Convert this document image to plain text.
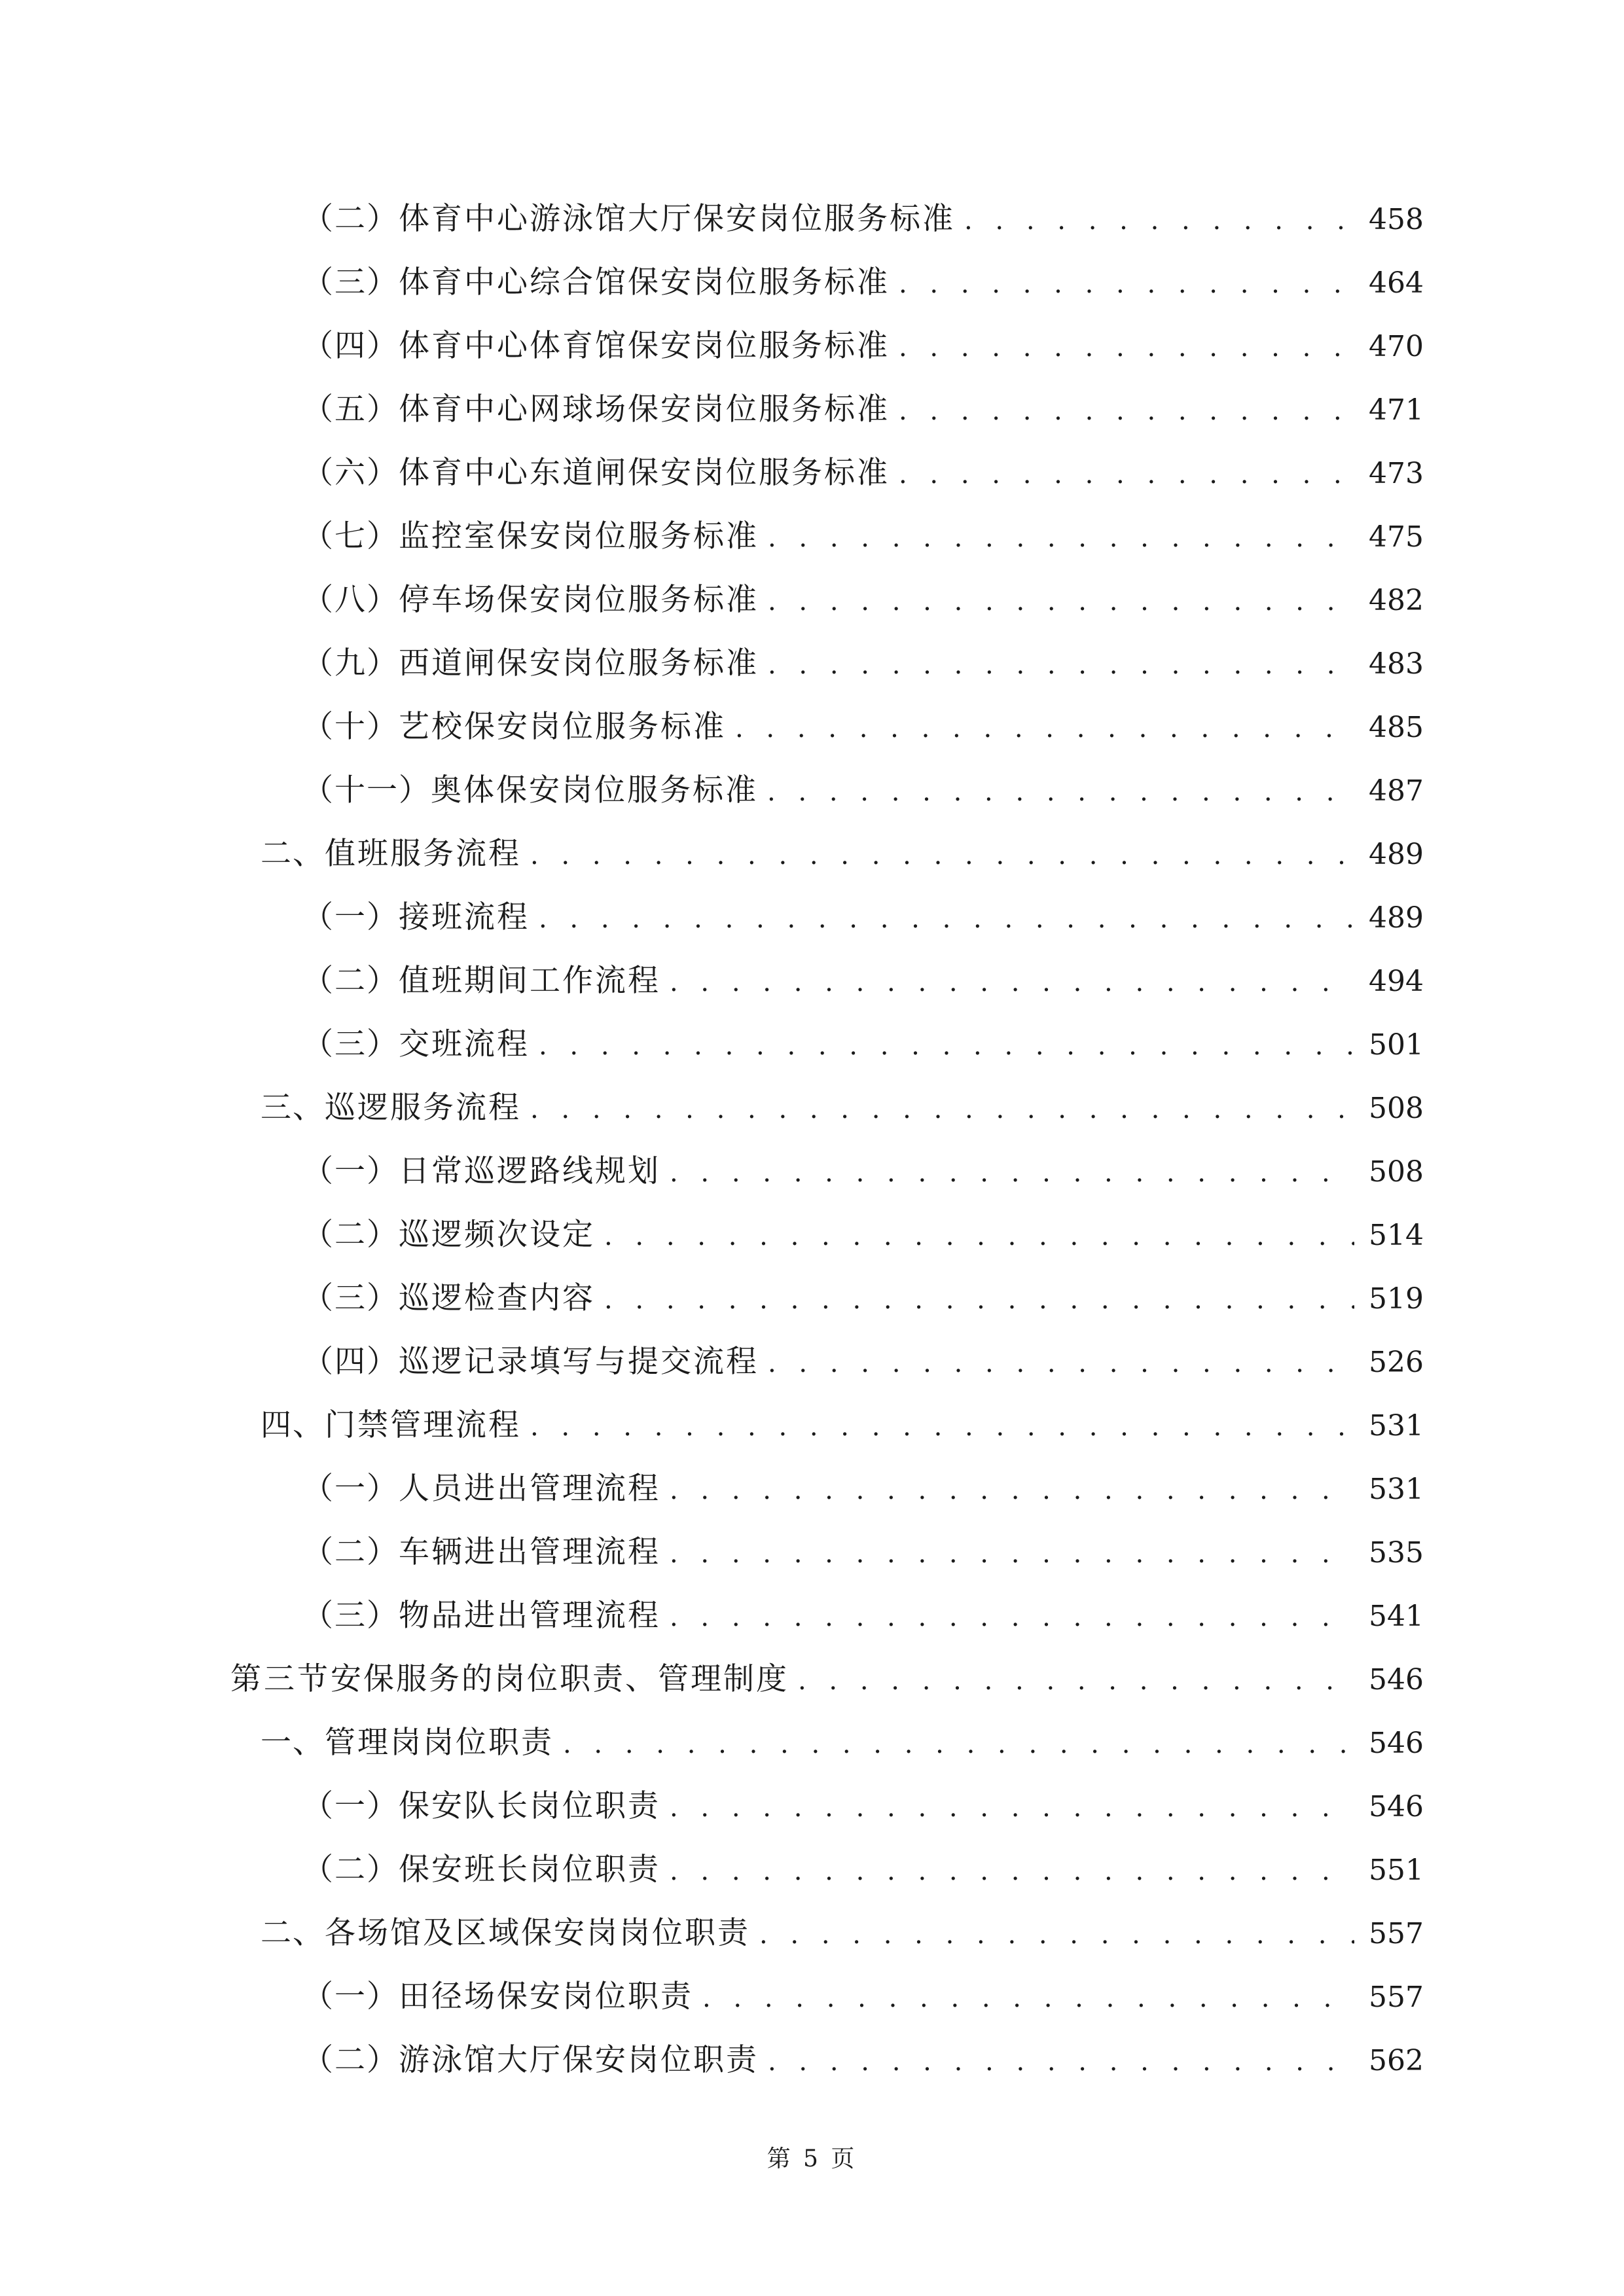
（二） 体育中心游泳馆大厅保安岗位服务标准 . . .	458
（三） 体育中心综合馆保安岗位服务标准 . . .	464
（四） 体育中心体育馆保安岗位服务标准 . . .	470
（五） 体育中心网球场保安岗位服务标准 . . .	471
（六） 体育中心东道闸保安岗位服务标准 . . .	473
（七） 监控室保安岗位服务标准 . . .	475
（八） 停车场保安岗位服务标准 . . .	482
（九） 西道闸保安岗位服务标准 . . .	483
（十） 艺校保安岗位服务标准 . . .	485
（十一） 奥体保安岗位服务标准 . . .	487
二、 值班服务流程 . . .	489
（一） 接班流程 . . .	489
（二） 值班期间工作流程 . . .	494
（三） 交班流程 . . .	501
三、 巡逻服务流程 . . .	508
（一） 日常巡逻路线规划 . . .	508
（二） 巡逻频次设定 . . .	514
（三） 巡逻检查内容 . . .	519
（四） 巡逻记录填写与提交流程 . . .	526
四、 门禁管理流程 . . .	531
（一） 人员进出管理流程 . . .	531
（二） 车辆进出管理流程 . . .	535
（三） 物品进出管理流程 . . .	541
第三节 安保服务的岗位职责、管理制度 . . .	546
一、 管理岗岗位职责 . . .	546
（一） 保安队长岗位职责 . . .	546
（二） 保安班长岗位职责 . . .	551
二、 各场馆及区域保安岗岗位职责 . . .	557
（一） 田径场保安岗位职责 . . .	557
（二） 游泳馆大厅保安岗位职责 . . .	562
第 5 页
